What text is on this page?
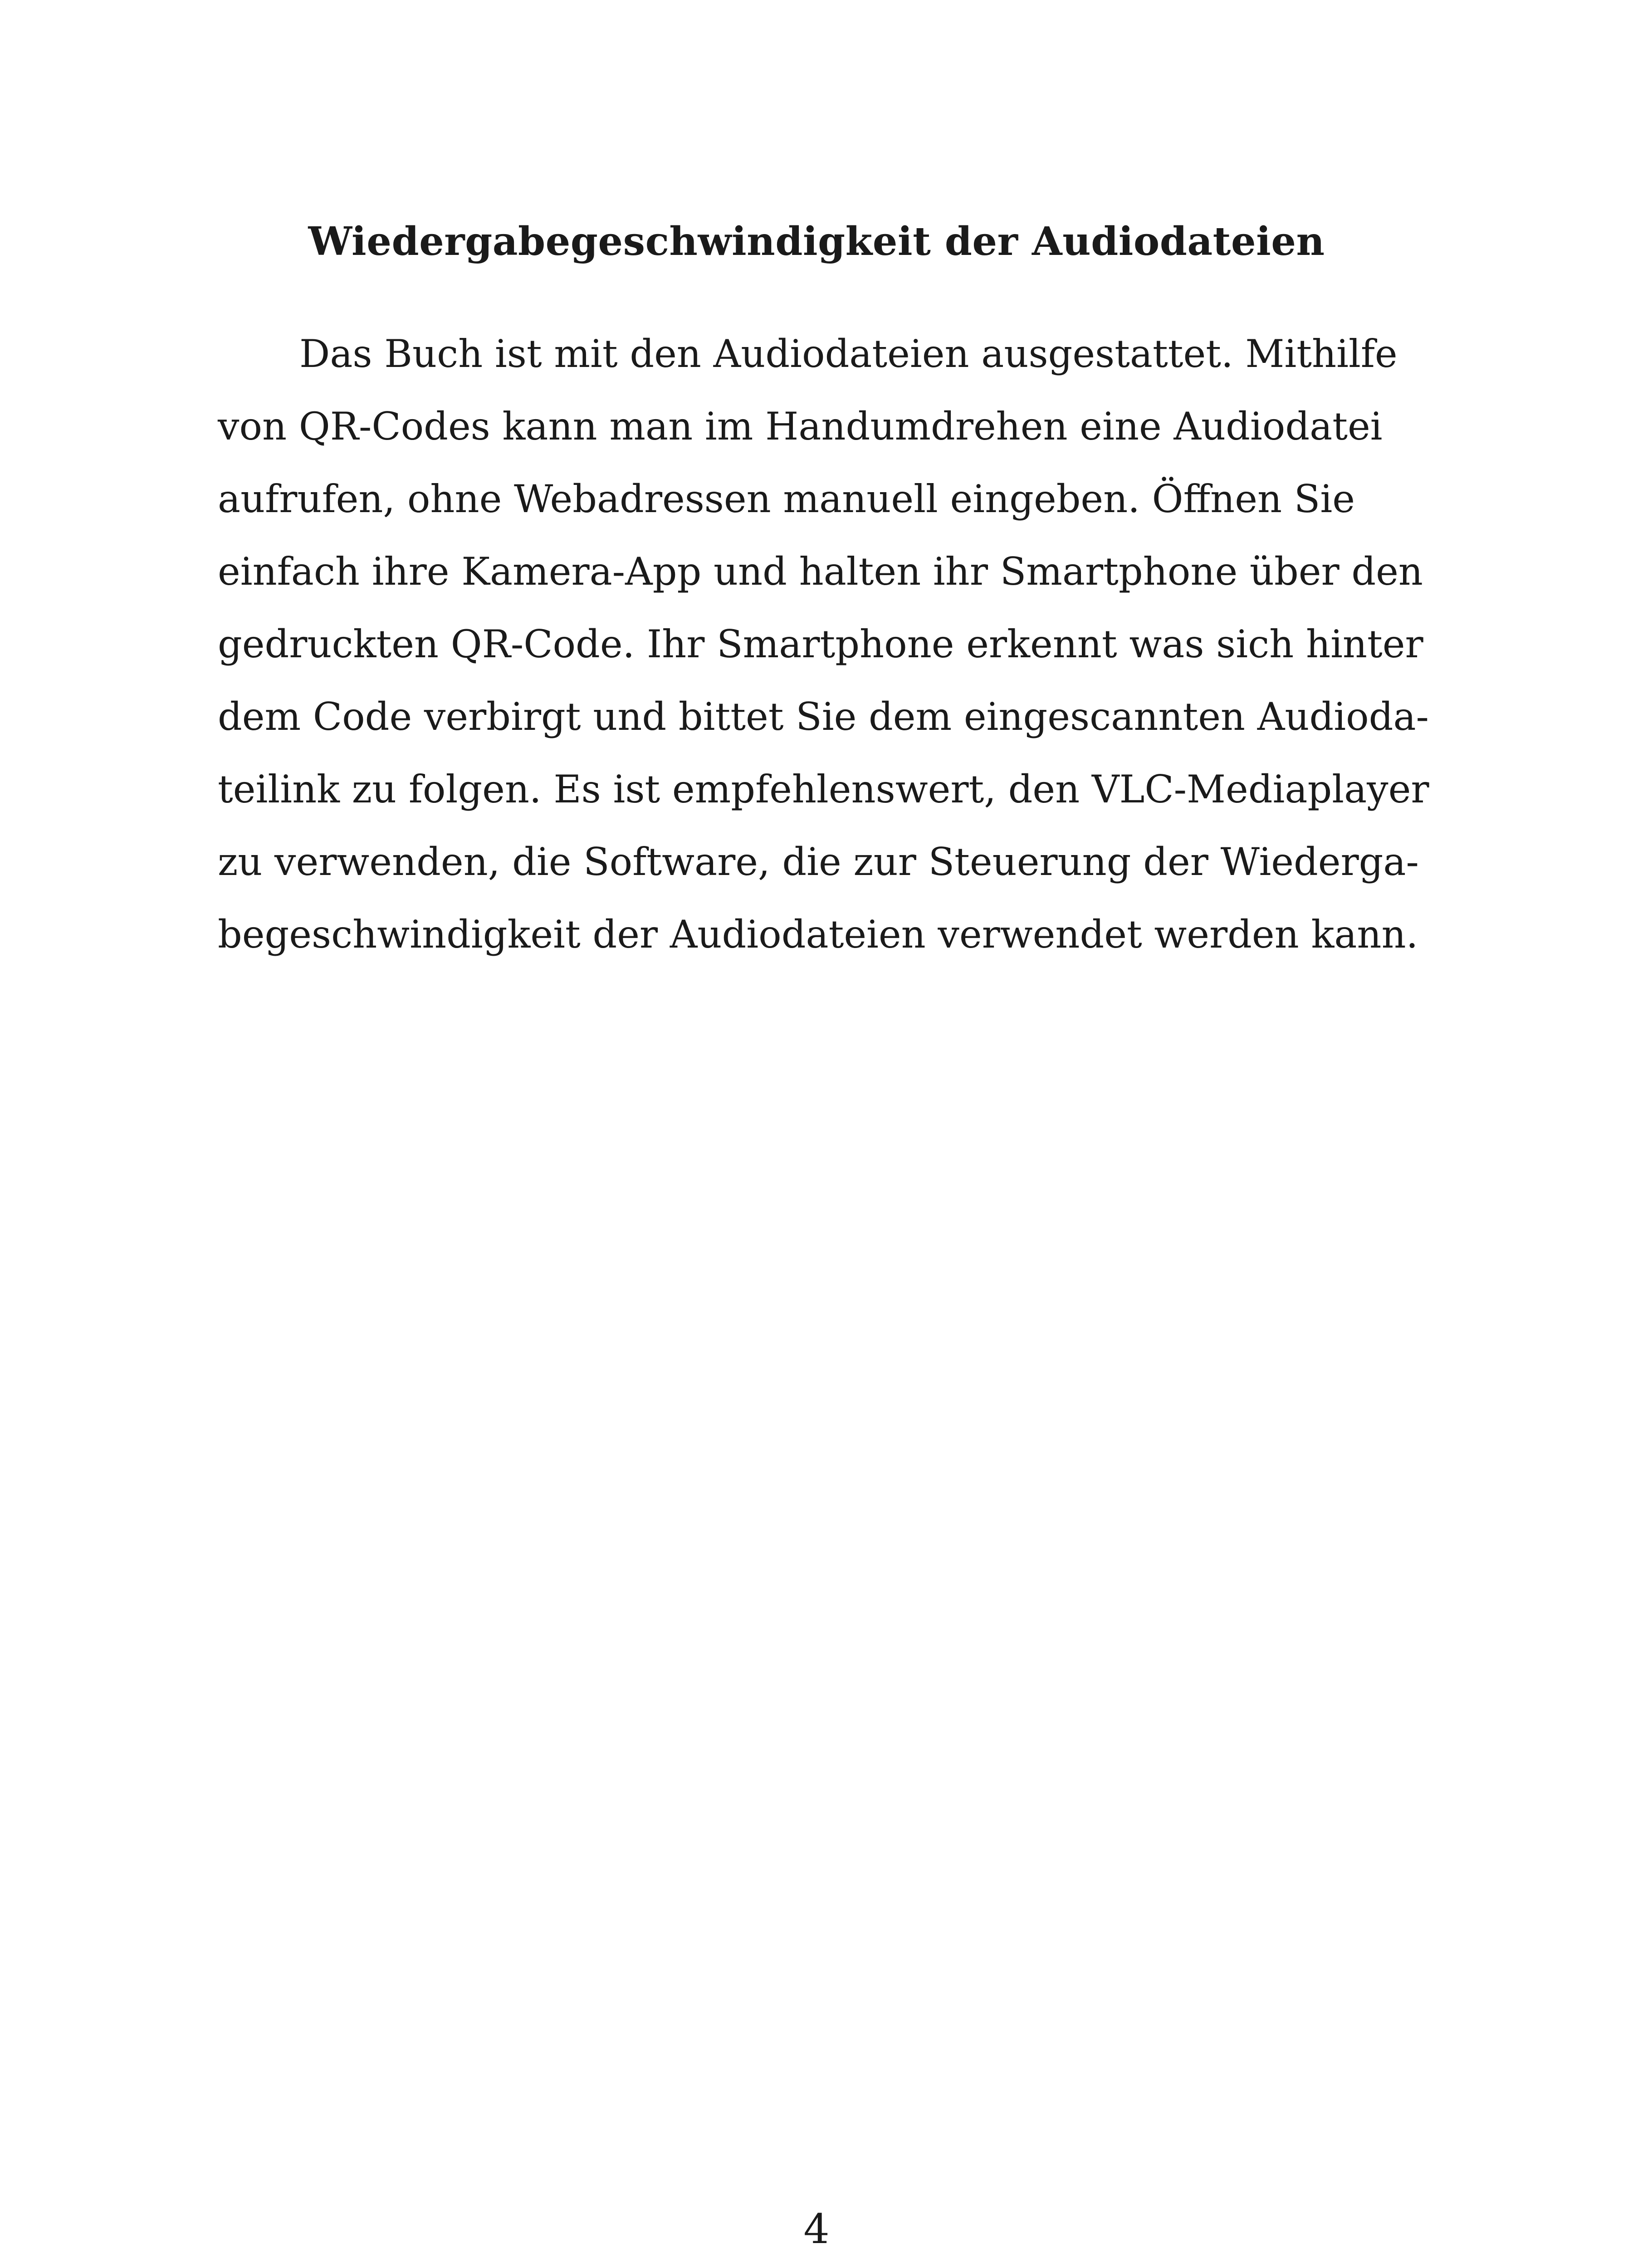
Wiedergabegeschwindigkeit der Audiodateien
Das Buch ist mit den Audiodateien ausgestattet. Mithilfe
von QR-Codes kann man im Handumdrehen eine Audiodatei
aufrufen, ohne Webadressen manuell eingeben. Öffnen Sie
einfach ihre Kamera-App und halten ihr Smartphone über den
gedruckten QR-Code. Ihr Smartphone erkennt was sich hinter
dem Code verbirgt und bittet Sie dem eingescannten Audioda-
teilink zu folgen. Es ist empfehlenswert, den VLC-Mediaplayer
zu verwenden, die Software, die zur Steuerung der Wiederga-
begeschwindigkeit der Audiodateien verwendet werden kann.
4
